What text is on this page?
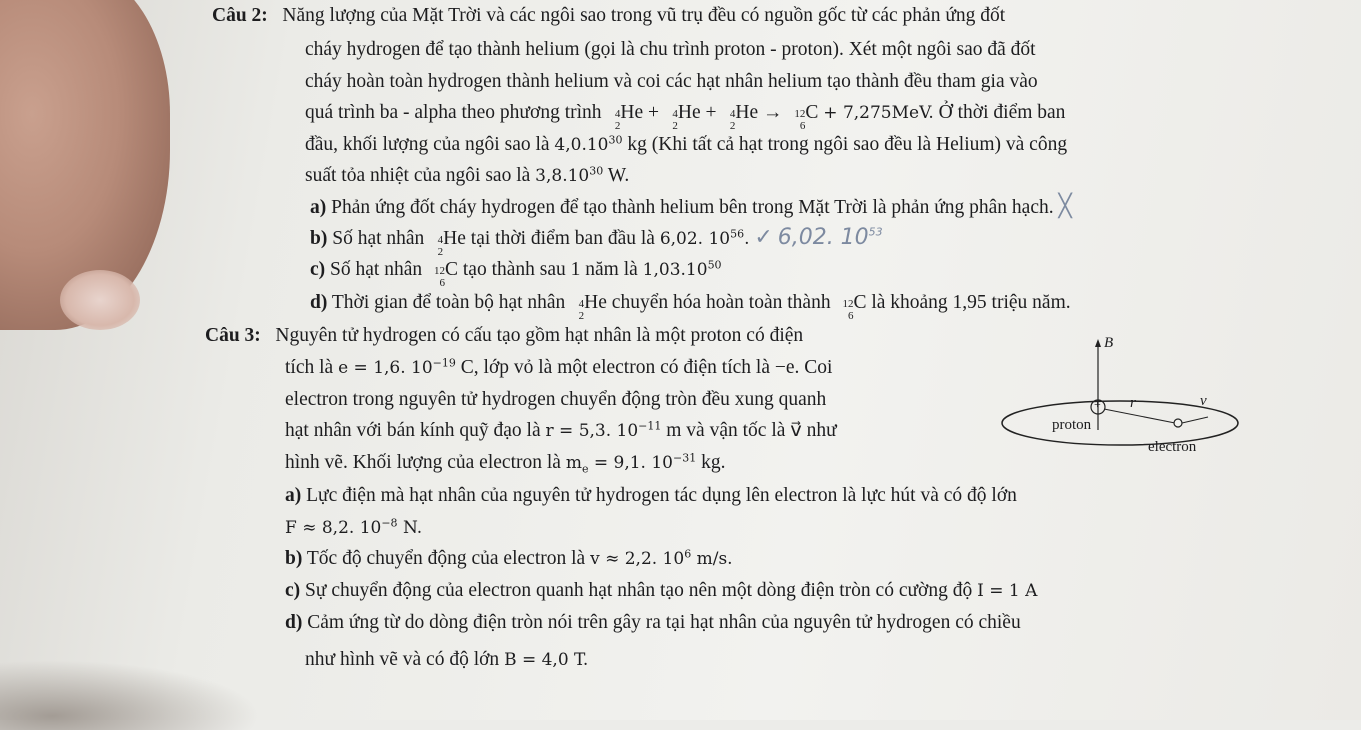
Câu 2: Năng lượng của Mặt Trời và các ngôi sao trong vũ trụ đều có nguồn gốc từ các phản ứng đốt
cháy hydrogen để tạo thành helium (gọi là chu trình proton - proton). Xét một ngôi sao đã đốt
cháy hoàn toàn hydrogen thành helium và coi các hạt nhân helium tạo thành đều tham gia vào
quá trình ba - alpha theo phương trình 4
2
He + 4
2
He + 4
2
He → 12
6
C + 7,275MeV. Ở thời điểm ban
đầu, khối lượng của ngôi sao là 4,0.10$^{30}$ kg (Khi tất cả hạt trong ngôi sao đều là Helium) và công
suất tỏa nhiệt của ngôi sao là 3,8.10$^{30}$ W.
a) Phản ứng đốt cháy hydrogen để tạo thành helium bên trong Mặt Trời là phản ứng phân hạch. ╳
b) Số hạt nhân 4
2
He tại thời điểm ban đầu là 6,02. $10^{56}$. ✓ 6,02. $10^{53}$
c) Số hạt nhân 12
6
C tạo thành sau 1 năm là 1,03.10$^{50}$
d) Thời gian để toàn bộ hạt nhân 4
2
He chuyển hóa hoàn toàn thành 12
6
C là khoảng 1,95 triệu năm.
Câu 3: Nguyên tử hydrogen có cấu tạo gồm hạt nhân là một proton có điện
tích là e = 1,6. $10^{-19}$ C, lớp vỏ là một electron có điện tích là −e. Coi
electron trong nguyên tử hydrogen chuyển động tròn đều xung quanh
hạt nhân với bán kính quỹ đạo là r = 5,3. $10^{-11}$ m và vận tốc là v⃗ như
hình vẽ. Khối lượng của electron là $m_e = 9,1$. $10^{-31}$ kg.
B⃗
+ r	v⃗
proton
electron
a) Lực điện mà hạt nhân của nguyên tử hydrogen tác dụng lên electron là lực hút và có độ lớn
F ≈ 8,2. $10^{-8}$ N.
b) Tốc độ chuyển động của electron là v ≈ 2,2. $10^6$ m/s.
c) Sự chuyển động của electron quanh hạt nhân tạo nên một dòng điện tròn có cường độ I = 1 A
d) Cảm ứng từ do dòng điện tròn nói trên gây ra tại hạt nhân của nguyên tử hydrogen có chiều
như hình vẽ và có độ lớn B = 4,0 T.
